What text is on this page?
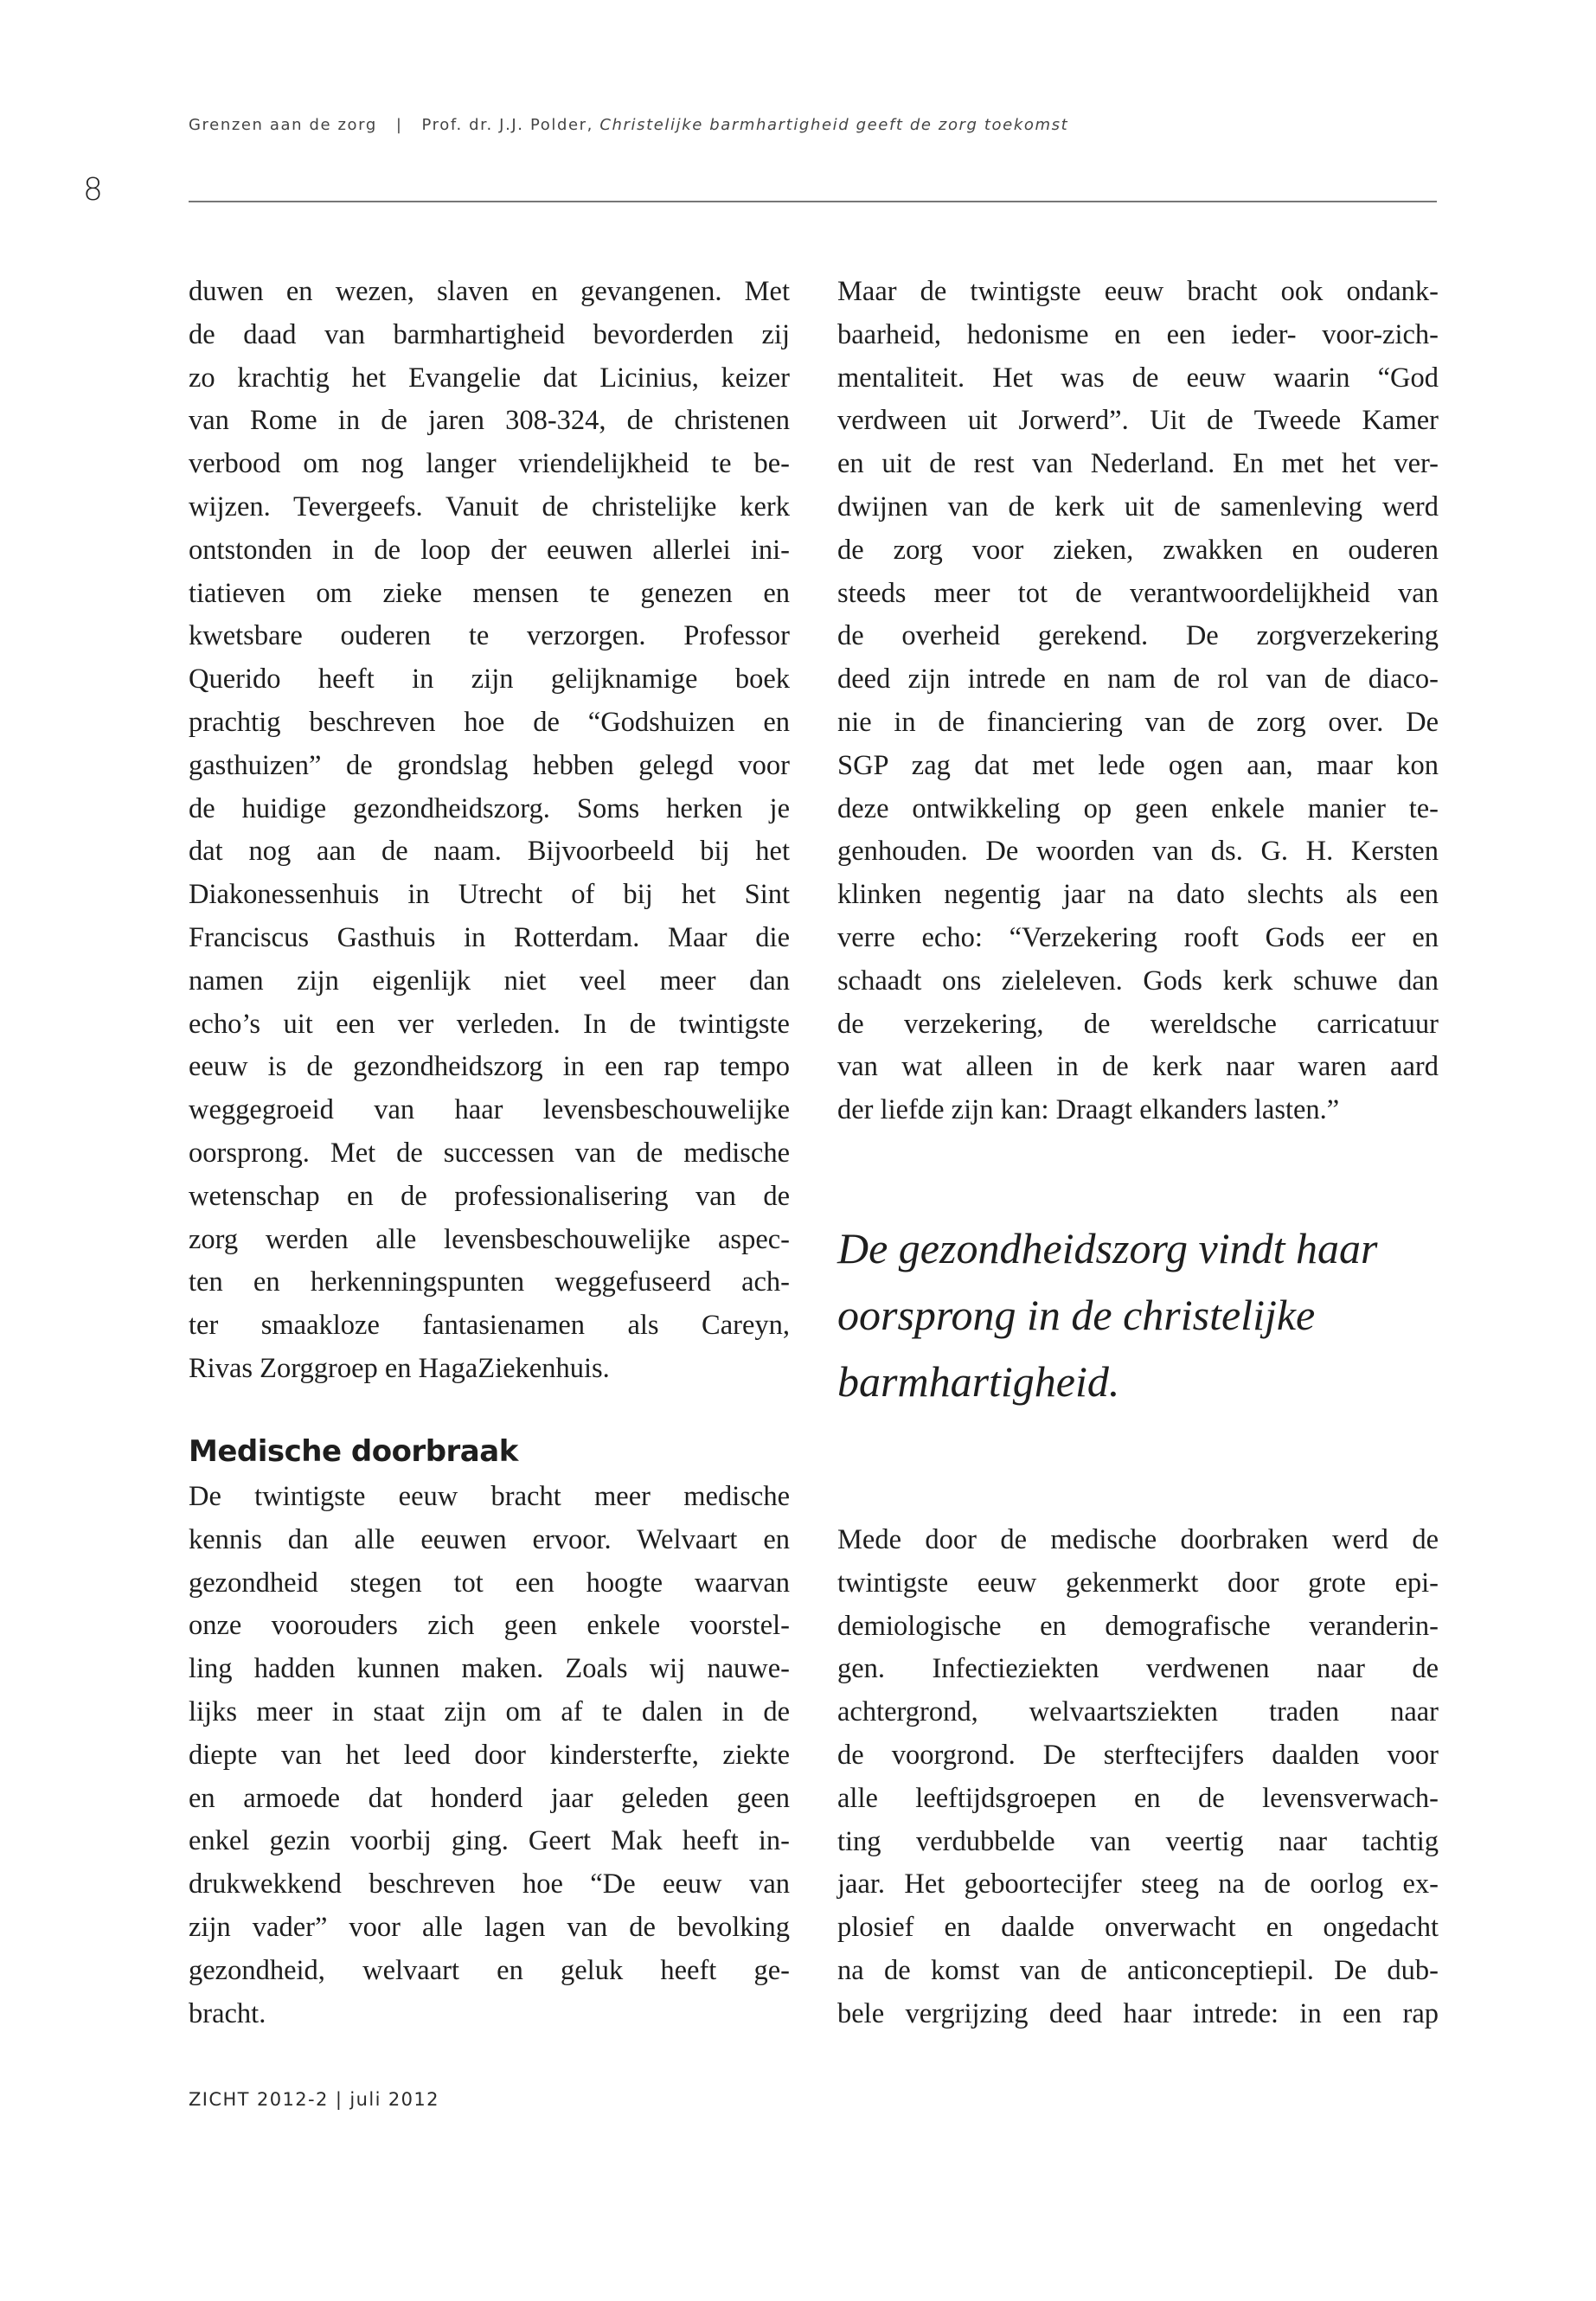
8
Grenzen aan de zorg | Prof. dr. J.J. Polder, Christelijke barmhartigheid geeft de zorg toekomst
duwen en wezen, slaven en gevangenen. Met
de daad van barmhartigheid bevorderden zij
zo krachtig het Evangelie dat Licinius, keizer
van Rome in de jaren 308-324, de christenen
verbood om nog langer vriendelijkheid te be-
wijzen. Tevergeefs. Vanuit de christelijke kerk
ontstonden in de loop der eeuwen allerlei ini-
tiatieven om zieke mensen te genezen en
kwetsbare ouderen te verzorgen. Professor
Querido heeft in zijn gelijknamige boek
prachtig beschreven hoe de “Godshuizen en
gasthuizen” de grondslag hebben gelegd voor
de huidige gezondheidszorg. Soms herken je
dat nog aan de naam. Bijvoorbeeld bij het
Diakonessenhuis in Utrecht of bij het Sint
Franciscus Gasthuis in Rotterdam. Maar die
namen zijn eigenlijk niet veel meer dan
echo’s uit een ver verleden. In de twintigste
eeuw is de gezondheidszorg in een rap tempo
weggegroeid van haar levensbeschouwelijke
oorsprong. Met de successen van de medische
wetenschap en de professionalisering van de
zorg werden alle levensbeschouwelijke aspec-
ten en herkenningspunten weggefuseerd ach-
ter smaakloze fantasienamen als Careyn,
Rivas Zorggroep en HagaZiekenhuis.
Medische doorbraak
De twintigste eeuw bracht meer medische
kennis dan alle eeuwen ervoor. Welvaart en
gezondheid stegen tot een hoogte waarvan
onze voorouders zich geen enkele voorstel-
ling hadden kunnen maken. Zoals wij nauwe-
lijks meer in staat zijn om af te dalen in de
diepte van het leed door kindersterfte, ziekte
en armoede dat honderd jaar geleden geen
enkel gezin voorbij ging. Geert Mak heeft in-
drukwekkend beschreven hoe “De eeuw van
zijn vader” voor alle lagen van de bevolking
gezondheid, welvaart en geluk heeft ge-
bracht.
Maar de twintigste eeuw bracht ook ondank-
baarheid, hedonisme en een ieder- voor-zich-
mentaliteit. Het was de eeuw waarin “God
verdween uit Jorwerd”. Uit de Tweede Kamer
en uit de rest van Nederland. En met het ver-
dwijnen van de kerk uit de samenleving werd
de zorg voor zieken, zwakken en ouderen
steeds meer tot de verantwoordelijkheid van
de overheid gerekend. De zorgverzekering
deed zijn intrede en nam de rol van de diaco-
nie in de financiering van de zorg over. De
SGP zag dat met lede ogen aan, maar kon
deze ontwikkeling op geen enkele manier te-
genhouden. De woorden van ds. G. H. Kersten
klinken negentig jaar na dato slechts als een
verre echo: “Verzekering rooft Gods eer en
schaadt ons zieleleven. Gods kerk schuwe dan
de verzekering, de wereldsche carricatuur
van wat alleen in de kerk naar waren aard
der liefde zijn kan: Draagt elkanders lasten.”
De gezondheidszorg vindt haar
oorsprong in de christelijke
barmhartigheid.
Mede door de medische doorbraken werd de
twintigste eeuw gekenmerkt door grote epi-
demiologische en demografische veranderin-
gen. Infectieziekten verdwenen naar de
achtergrond, welvaartsziekten traden naar
de voorgrond. De sterftecijfers daalden voor
alle leeftijdsgroepen en de levensverwach-
ting verdubbelde van veertig naar tachtig
jaar. Het geboortecijfer steeg na de oorlog ex-
plosief en daalde onverwacht en ongedacht
na de komst van de anticonceptiepil. De dub-
bele vergrijzing deed haar intrede: in een rap
ZICHT 2012-2 | juli 2012
